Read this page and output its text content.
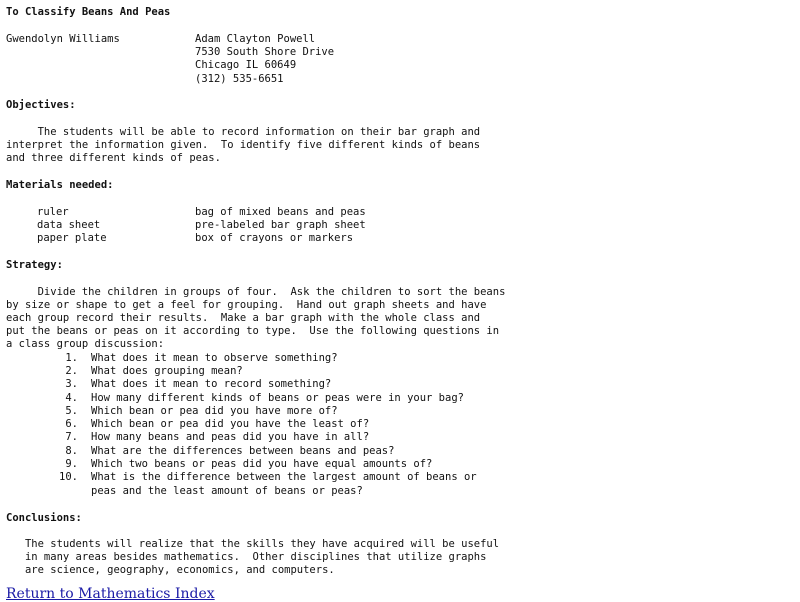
To Classify Beans And Peas
Gwendolyn Williams	Adam Clayton Powell
7530 South Shore Drive
Chicago IL 60649
(312) 535-6651
Objectives:
The students will be able to record information on their bar graph and
interpret the information given.  To identify five different kinds of beans
and three different kinds of peas.
Materials needed:
ruler	bag of mixed beans and peas
data sheet	pre-labeled bar graph sheet
paper plate	box of crayons or markers
Strategy:
Divide the children in groups of four.  Ask the children to sort the beans
by size or shape to get a feel for grouping.  Hand out graph sheets and have
each group record their results.  Make a bar graph with the whole class and
put the beans or peas on it according to type.  Use the following questions in
a class group discussion:
1. What does it mean to observe something?
2. What does grouping mean?
3. What does it mean to record something?
4. How many different kinds of beans or peas were in your bag?
5. Which bean or pea did you have more of?
6. Which bean or pea did you have the least of?
7. How many beans and peas did you have in all?
8. What are the differences between beans and peas?
9. Which two beans or peas did you have equal amounts of?
10. What is the difference between the largest amount of beans or
peas and the least amount of beans or peas?
Conclusions:
The students will realize that the skills they have acquired will be useful
in many areas besides mathematics.  Other disciplines that utilize graphs
are science, geography, economics, and computers.
Return to Mathematics Index
